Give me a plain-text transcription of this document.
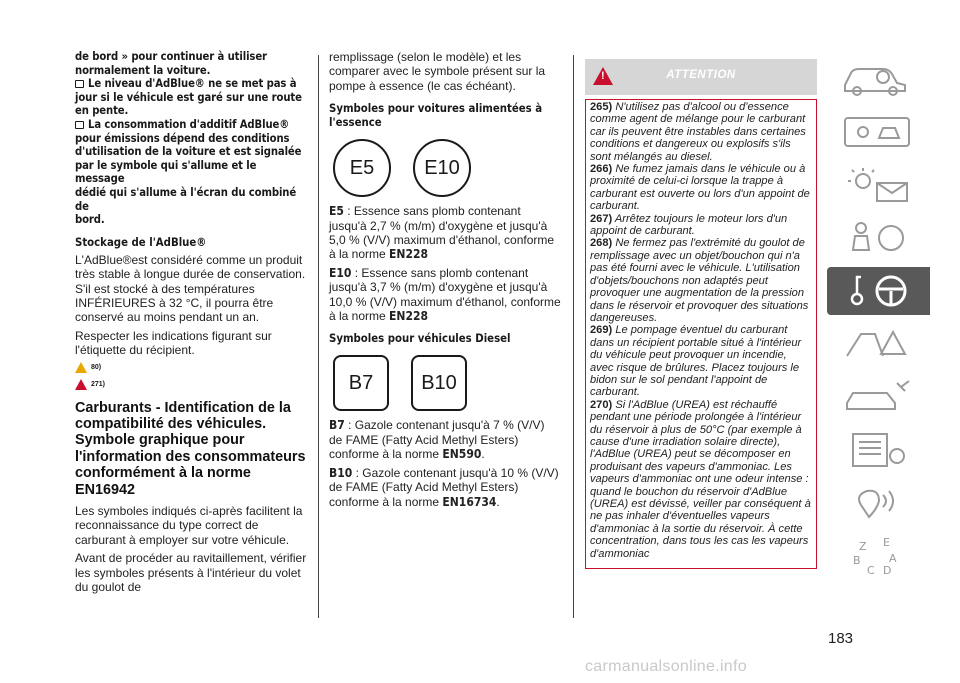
de bord » pour continuer à utiliser
normalement la voiture.
Le niveau d'AdBlue® ne se met pas à
jour si le véhicule est garé sur une route
en pente.
La consommation d'additif AdBlue®
pour émissions dépend des conditions
d'utilisation de la voiture et est signalée
par le symbole qui s'allume et le message
dédié qui s'allume à l'écran du combiné de
bord.
Stockage de l'AdBlue®

L'AdBlue®est considéré comme un produit très stable à longue durée de conservation. S'il est stocké à des températures INFÉRIEURES à 32 °C, il pourra être conservé au moins pendant un an.

Respecter les indications figurant sur l'étiquette du récipient.

80)
271)
Carburants - Identification de la compatibilité des véhicules. Symbole graphique pour l'information des consommateurs conformément à la norme EN16942

Les symboles indiqués ci-après facilitent la reconnaissance du type correct de carburant à employer sur votre véhicule.

Avant de procéder au ravitaillement, vérifier les symboles présents à l'intérieur du volet du goulot de

remplissage (selon le modèle) et les comparer avec le symbole présent sur la pompe à essence (le cas échéant).

Symboles pour voitures alimentées à l'essence
E5	E10

E5 : Essence sans plomb contenant jusqu'à 2,7 % (m/m) d'oxygène et jusqu'à 5,0 % (V/V) maximum d'éthanol, conforme à la norme EN228

E10 : Essence sans plomb contenant jusqu'à 3,7 % (m/m) d'oxygène et jusqu'à 10,0 % (V/V) maximum d'éthanol, conforme à la norme EN228

Symboles pour véhicules Diesel
B7	B10

B7 : Gazole contenant jusqu'à 7 % (V/V) de FAME (Fatty Acid Methyl Esters) conforme à la norme EN590.

B10 : Gazole contenant jusqu'à 10 % (V/V) de FAME (Fatty Acid Methyl Esters) conforme à la norme EN16734.

!
ATTENTION

265) N'utilisez pas d'alcool ou d'essence comme agent de mélange pour le carburant car ils peuvent être instables dans certaines conditions et dangereux ou explosifs s'ils sont mélangés au diesel.

266) Ne fumez jamais dans le véhicule ou à proximité de celui-ci lorsque la trappe à carburant est ouverte ou lors d'un appoint de carburant.

267) Arrêtez toujours le moteur lors d'un appoint de carburant.

268) Ne fermez pas l'extrémité du goulot de remplissage avec un objet/bouchon qui n'a pas été fourni avec le véhicule. L'utilisation d'objets/bouchons non adaptés peut provoquer une augmentation de la pression dans le réservoir et provoquer des situations dangereuses.

269) Le pompage éventuel du carburant dans un récipient portable situé à l'intérieur du véhicule peut provoquer un incendie, avec risque de brûlures. Placez toujours le bidon sur le sol pendant l'appoint de carburant.

270) Si l'AdBlue (UREA) est réchauffé pendant une période prolongée à l'intérieur du réservoir à plus de 50°C (par exemple à cause d'une irradiation solaire directe), l'AdBlue (UREA) peut se décomposer en produisant des vapeurs d'ammoniac. Les vapeurs d'ammoniac ont une odeur intense : quand le bouchon du réservoir d'AdBlue (UREA) est dévissé, veiller par conséquent à ne pas inhaler d'éventuelles vapeurs d'ammoniac à la sortie du réservoir. À cette concentration, dans tous les cas les vapeurs d'ammoniac

Z E
B	A
C D
183
carmanualsonline.info
